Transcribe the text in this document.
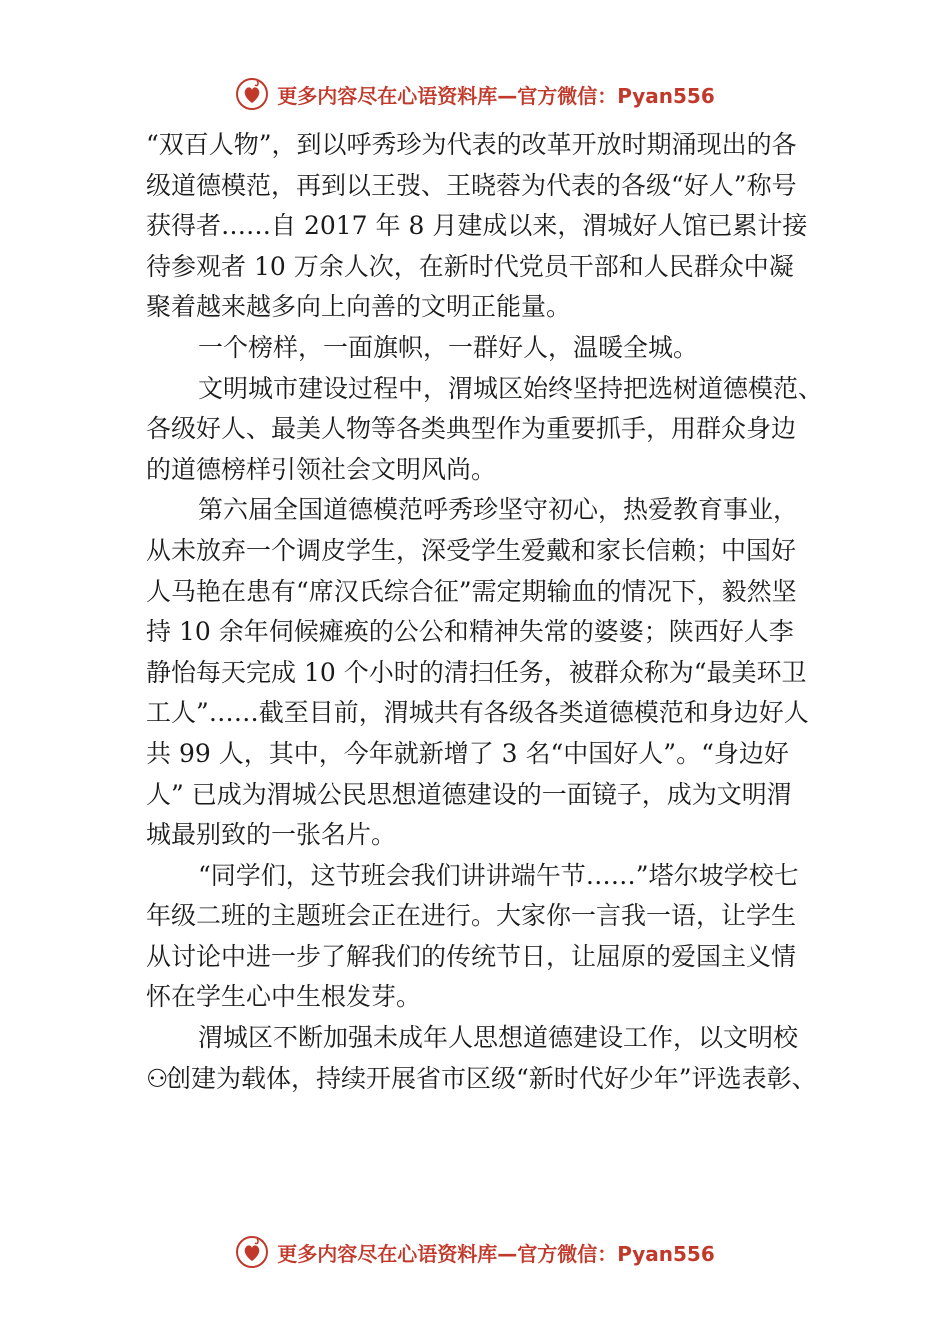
更多内容尽在心语资料库—官方微信：Pyan556
“双百人物”，到以呼秀珍为代表的改革开放时期涌现出的各
级道德模范，再到以王弢、王晓蓉为代表的各级“好人”称号
获得者……自 2017 年 8 月建成以来，渭城好人馆已累计接
待参观者 10 万余人次，在新时代党员干部和人民群众中凝
聚着越来越多向上向善的文明正能量。
一个榜样，一面旗帜，一群好人，温暖全城。
文明城市建设过程中，渭城区始终坚持把选树道德模范、
各级好人、最美人物等各类典型作为重要抓手，用群众身边
的道德榜样引领社会文明风尚。
第六届全国道德模范呼秀珍坚守初心，热爱教育事业，
从未放弃一个调皮学生，深受学生爱戴和家长信赖；中国好
人马艳在患有“席汉氏综合征”需定期输血的情况下，毅然坚
持 10 余年伺候瘫痪的公公和精神失常的婆婆；陕西好人李
静怡每天完成 10 个小时的清扫任务，被群众称为“最美环卫
工人”……截至目前，渭城共有各级各类道德模范和身边好人
共 99 人，其中，今年就新增了 3 名“中国好人”。“身边好
人” 已成为渭城公民思想道德建设的一面镜子，成为文明渭
城最别致的一张名片。
“同学们，这节班会我们讲讲端午节……”塔尔坡学校七
年级二班的主题班会正在进行。大家你一言我一语，让学生
从讨论中进一步了解我们的传统节日，让屈原的爱国主义情
怀在学生心中生根发芽。
渭城区不断加强未成年人思想道德建设工作，以文明校
⚇创建为载体，持续开展省市区级“新时代好少年”评选表彰、
更多内容尽在心语资料库—官方微信：Pyan556
